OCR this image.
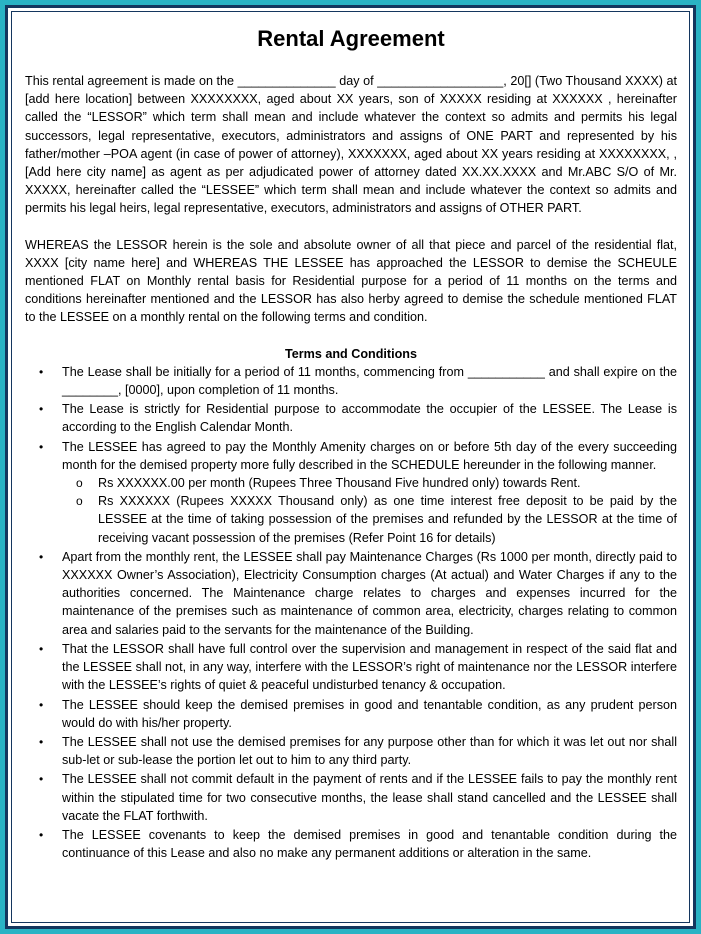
Rental Agreement

This rental agreement is made on the ______________ day of __________________, 20[] (Two Thousand XXXX) at [add here location] between XXXXXXXX, aged about XX years, son of XXXXX residing at XXXXXX , hereinafter called the “LESSOR” which term shall mean and include whatever the context so admits and permits his legal successors, legal representative, executors, administrators and assigns of ONE PART and represented by his father/mother –POA agent (in case of power of attorney), XXXXXXX, aged about XX years residing at XXXXXXXX, , [Add here city name] as agent as per adjudicated power of attorney dated XX.XX.XXXX and Mr.ABC S/O of Mr. XXXXX, hereinafter called the “LESSEE” which term shall mean and include whatever the context so admits and permits his legal heirs, legal representative, executors, administrators and assigns of OTHER PART.

WHEREAS the LESSOR herein is the sole and absolute owner of all that piece and parcel of the residential flat, XXXX [city name here] and WHEREAS THE LESSEE has approached the LESSOR to demise the SCHEULE mentioned FLAT on Monthly rental basis for Residential purpose for a period of 11 months on the terms and conditions hereinafter mentioned and the LESSOR has also herby agreed to demise the schedule mentioned FLAT to the LESSEE on a monthly rental on the following terms and condition.

Terms and Conditions
• The Lease shall be initially for a period of 11 months, commencing from ___________ and shall expire on the ________, [0000], upon completion of 11 months.
• The Lease is strictly for Residential purpose to accommodate the occupier of the LESSEE. The Lease is according to the English Calendar Month.
• The LESSEE has agreed to pay the Monthly Amenity charges on or before 5th day of the every succeeding month for the demised property more fully described in the SCHEDULE hereunder in the following manner.
o Rs XXXXXX.00 per month (Rupees Three Thousand Five hundred only) towards Rent.
o Rs XXXXXX (Rupees XXXXX Thousand only) as one time interest free deposit to be paid by the LESSEE at the time of taking possession of the premises and refunded by the LESSOR at the time of receiving vacant possession of the premises (Refer Point 16 for details)
• Apart from the monthly rent, the LESSEE shall pay Maintenance Charges (Rs 1000 per month, directly paid to XXXXXX Owner’s Association), Electricity Consumption charges (At actual) and Water Charges if any to the authorities concerned. The Maintenance charge relates to charges and expenses incurred for the maintenance of the premises such as maintenance of common area, electricity, charges relating to common area and salaries paid to the servants for the maintenance of the Building.
• That the LESSOR shall have full control over the supervision and management in respect of the said flat and the LESSEE shall not, in any way, interfere with the LESSOR’s right of maintenance nor the LESSOR interfere with the LESSEE’s rights of quiet & peaceful undisturbed tenancy & occupation.
• The LESSEE should keep the demised premises in good and tenantable condition, as any prudent person would do with his/her property.
• The LESSEE shall not use the demised premises for any purpose other than for which it was let out nor shall sub-let or sub-lease the portion let out to him to any third party.
• The LESSEE shall not commit default in the payment of rents and if the LESSEE fails to pay the monthly rent within the stipulated time for two consecutive months, the lease shall stand cancelled and the LESSEE shall vacate the FLAT forthwith.
• The LESSEE covenants to keep the demised premises in good and tenantable condition during the continuance of this Lease and also no make any permanent additions or alteration in the same.
